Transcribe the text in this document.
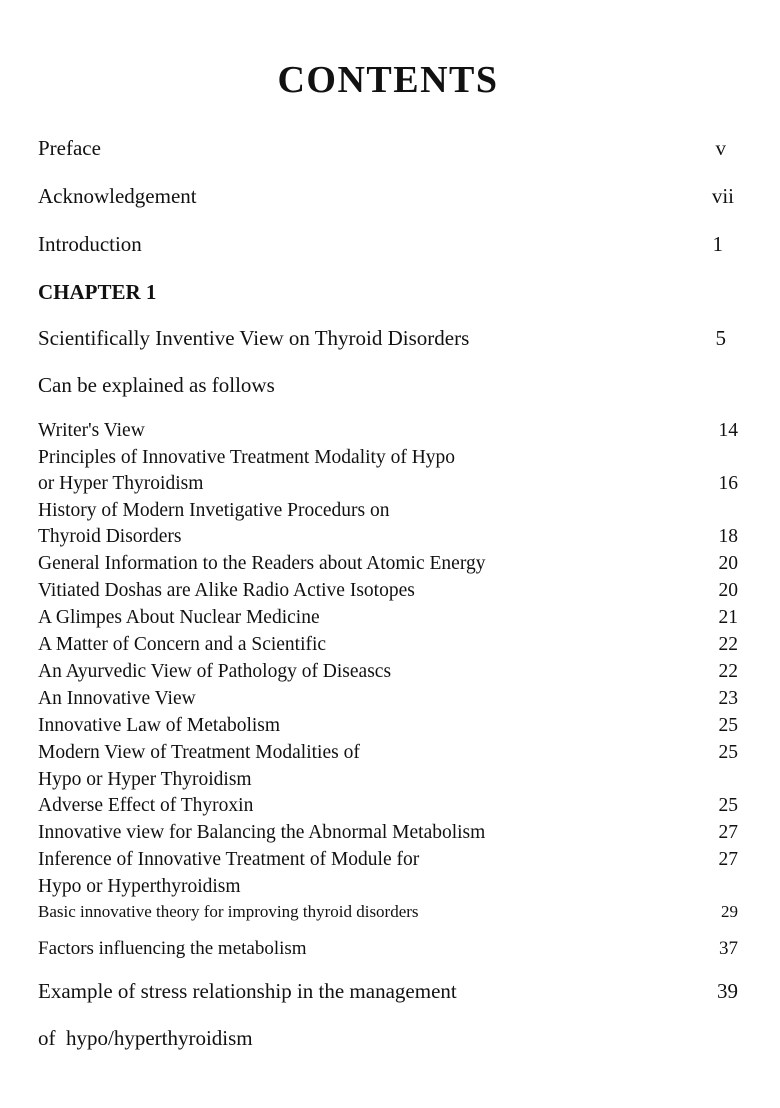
CONTENTS
Preface	v
Acknowledgement	vii
Introduction	1
CHAPTER 1
Scientifically Inventive View on Thyroid Disorders	5
Can be explained as follows
Writer's View	14
Principles of Innovative Treatment Modality of Hypo
or Hyper Thyroidism	16
History of Modern Invetigative Procedurs on
Thyroid Disorders	18
General Information to the Readers about Atomic Energy	20
Vitiated Doshas are Alike Radio Active Isotopes	20
A Glimpes About Nuclear Medicine	21
A Matter of Concern and a Scientific	22
An Ayurvedic View of Pathology of Diseascs	22
An Innovative View	23
Innovative Law of Metabolism	25
Modern View of Treatment Modalities of	25
Hypo or Hyper Thyroidism
Adverse Effect of Thyroxin	25
Innovative view for Balancing the Abnormal Metabolism	27
Inference of Innovative Treatment of Module for	27
Hypo or Hyperthyroidism
Basic innovative theory for improving thyroid disorders	29
Factors influencing the metabolism	37
Example of stress relationship in the management	39
of  hypo/hyperthyroidism
